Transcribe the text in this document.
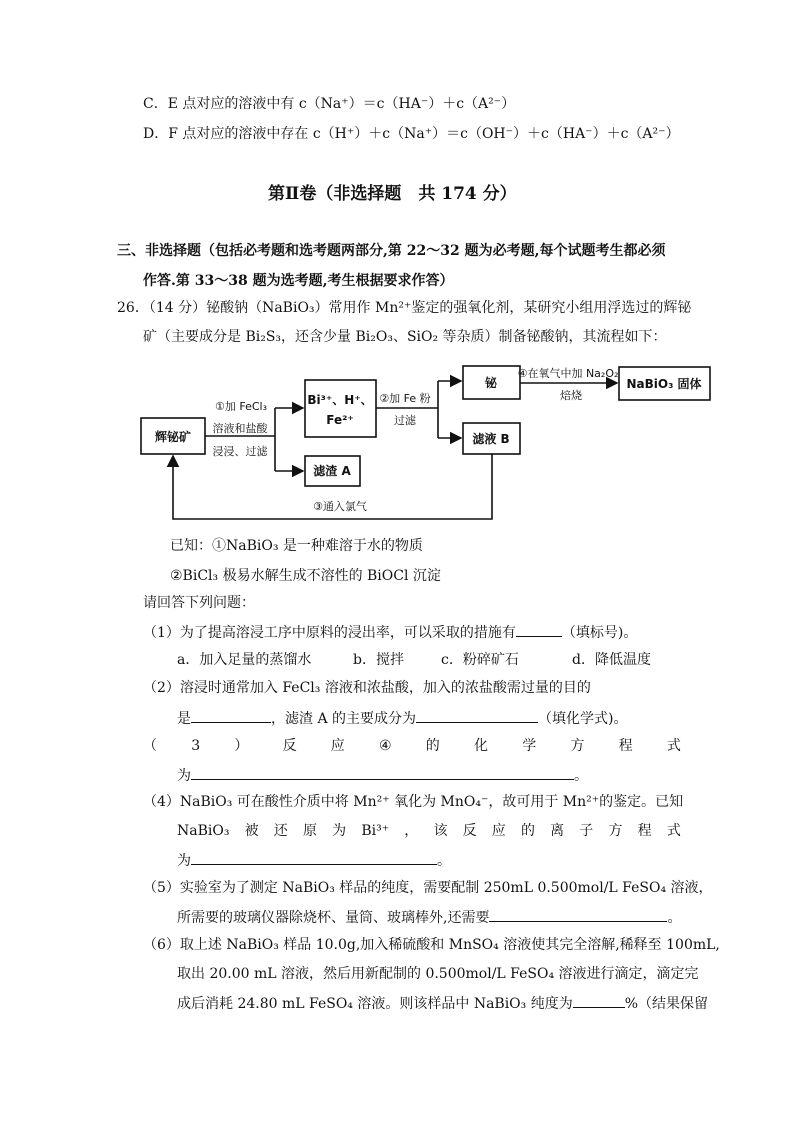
C．E 点对应的溶液中有 c（Na⁺）＝c（HA⁻）＋c（A²⁻）
D．F 点对应的溶液中存在 c（H⁺）＋c（Na⁺）＝c（OH⁻）＋c（HA⁻）＋c（A²⁻）
第Ⅱ卷（非选择题　共 174 分）
三、非选择题（包括必考题和选考题两部分,第 22～32 题为必考题,每个试题考生都必须
作答.第 33～38 题为选考题,考生根据要求作答）
26．（14 分）铋酸钠（NaBiO₃）常用作 Mn²⁺鉴定的强氧化剂，某研究小组用浮选过的辉铋
矿（主要成分是 Bi₂S₃，还含少量 Bi₂O₃、SiO₂ 等杂质）制备铋酸钠，其流程如下：
辉铋矿
Bi³⁺、H⁺、
Fe²⁺
铋	NaBiO₃ 固体
滤液 B
滤渣 A
①加 FeCl₃
溶液和盐酸
浸浸、过滤
②加 Fe 粉
过滤
④在氧气中加 Na₂O₂
焙烧
③通入氯气
已知：①NaBiO₃ 是一种难溶于水的物质
②BiCl₃ 极易水解生成不溶性的 BiOCl 沉淀
请回答下列问题：
（1）为了提高溶浸工序中原料的浸出率，可以采取的措施有	（填标号)。
a．加入足量的蒸馏水	b．搅拌	c．粉碎矿石	d．降低温度
（2）溶浸时通常加入 FeCl₃ 溶液和浓盐酸，加入的浓盐酸需过量的目的
是	，滤渣 A 的主要成分为	（填化学式)。
（ 3 ） 反 应 ④ 的 化 学 方 程 式
为	。
（4）NaBiO₃ 可在酸性介质中将 Mn²⁺ 氧化为 MnO₄⁻，故可用于 Mn²⁺的鉴定。已知
NaBiO₃ 被 还 原 为 Bi³⁺ ， 该 反 应 的 离 子 方 程 式
为	。
（5）实验室为了测定 NaBiO₃ 样品的纯度，需要配制 250mL 0.500mol/L FeSO₄ 溶液，
所需要的玻璃仪器除烧杯、量筒、玻璃棒外,还需要	。
（6）取上述 NaBiO₃ 样品 10.0g,加入稀硫酸和 MnSO₄ 溶液使其完全溶解,稀释至 100mL,
取出 20.00 mL 溶液，然后用新配制的 0.500mol/L FeSO₄ 溶液进行滴定，滴定完
成后消耗 24.80 mL FeSO₄ 溶液。则该样品中 NaBiO₃ 纯度为	%（结果保留
